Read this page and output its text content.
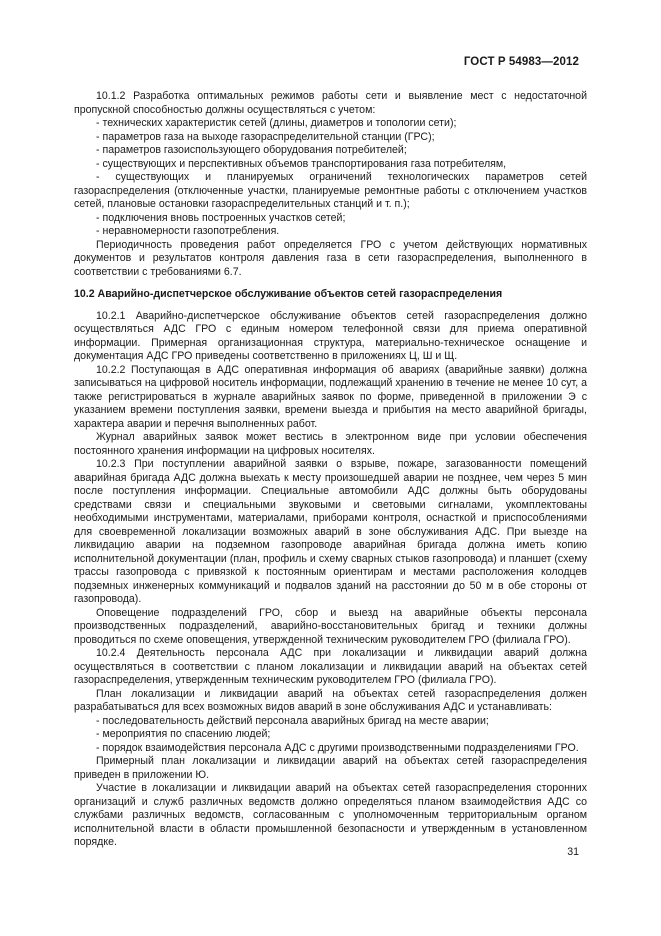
ГОСТ Р 54983—2012

10.1.2 Разработка оптимальных режимов работы сети и выявление мест с недостаточной пропускной способностью должны осуществляться с учетом:

- технических характеристик сетей (длины, диаметров и топологии сети);

- параметров газа на выходе газораспределительной станции (ГРС);

- параметров газоиспользующего оборудования потребителей;

- существующих и перспективных объемов транспортирования газа потребителям,

- существующих и планируемых ограничений технологических параметров сетей газораспределения (отключенные участки, планируемые ремонтные работы с отключением участков сетей, плановые остановки газораспределительных станций и т. п.);

- подключения вновь построенных участков сетей;

- неравномерности газопотребления.

Периодичность проведения работ определяется ГРО с учетом действующих нормативных документов и результатов контроля давления газа в сети газораспределения, выполненного в соответствии с требованиями 6.7.

10.2 Аварийно-диспетчерское обслуживание объектов сетей газораспределения

10.2.1 Аварийно-диспетчерское обслуживание объектов сетей газораспределения должно осуществляться АДС ГРО с единым номером телефонной связи для приема оперативной информации. Примерная организационная структура, материально-техническое оснащение и документация АДС ГРО приведены соответственно в приложениях Ц, Ш и Щ.

10.2.2 Поступающая в АДС оперативная информация об авариях (аварийные заявки) должна записываться на цифровой носитель информации, подлежащий хранению в течение не менее 10 сут, а также регистрироваться в журнале аварийных заявок по форме, приведенной в приложении Э с указанием времени поступления заявки, времени выезда и прибытия на место аварийной бригады, характера аварии и перечня выполненных работ.

Журнал аварийных заявок может вестись в электронном виде при условии обеспечения постоянного хранения информации на цифровых носителях.

10.2.3 При поступлении аварийной заявки о взрыве, пожаре, загазованности помещений аварийная бригада АДС должна выехать к месту произошедшей аварии не позднее, чем через 5 мин после поступления информации. Специальные автомобили АДС должны быть оборудованы средствами связи и специальными звуковыми и световыми сигналами, укомплектованы необходимыми инструментами, материалами, приборами контроля, оснасткой и приспособлениями для своевременной локализации возможных аварий в зоне обслуживания АДС. При выезде на ликвидацию аварии на подземном газопроводе аварийная бригада должна иметь копию исполнительной документации (план, профиль и схему сварных стыков газопровода) и планшет (схему трассы газопровода с привязкой к постоянным ориентирам и местами расположения колодцев подземных инженерных коммуникаций и подвалов зданий на расстоянии до 50 м в обе стороны от газопровода).

Оповещение подразделений ГРО, сбор и выезд на аварийные объекты персонала производственных подразделений, аварийно-восстановительных бригад и техники должны проводиться по схеме оповещения, утвержденной техническим руководителем ГРО (филиала ГРО).

10.2.4 Деятельность персонала АДС при локализации и ликвидации аварий должна осуществляться в соответствии с планом локализации и ликвидации аварий на объектах сетей газораспределения, утвержденным техническим руководителем ГРО (филиала ГРО).

План локализации и ликвидации аварий на объектах сетей газораспределения должен разрабатываться для всех возможных видов аварий в зоне обслуживания АДС и устанавливать:

- последовательность действий персонала аварийных бригад на месте аварии;

- мероприятия по спасению людей;

- порядок взаимодействия персонала АДС с другими производственными подразделениями ГРО.

Примерный план локализации и ликвидации аварий на объектах сетей газораспределения приведен в приложении Ю.

Участие в локализации и ликвидации аварий на объектах сетей газораспределения сторонних организаций и служб различных ведомств должно определяться планом взаимодействия АДС со службами различных ведомств, согласованным с уполномоченным территориальным органом исполнительной власти в области промышленной безопасности и утвержденным в установленном порядке.

31
